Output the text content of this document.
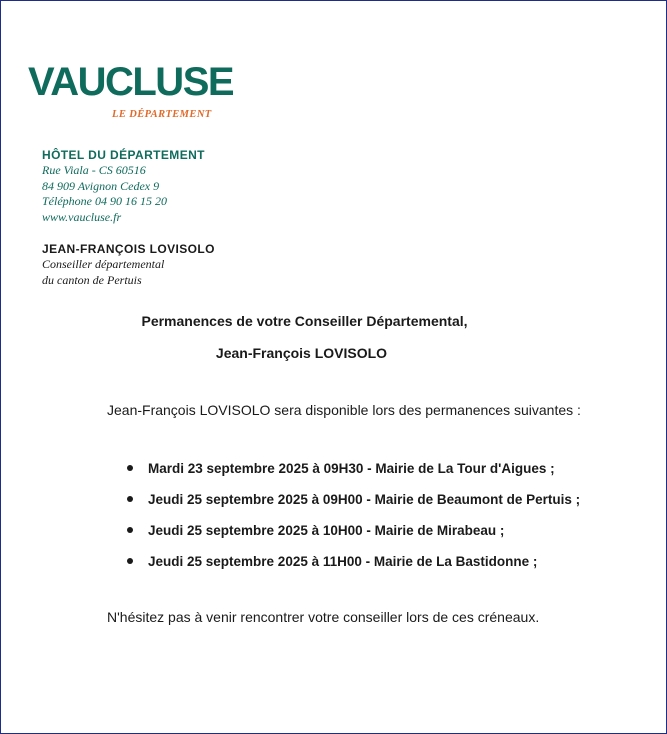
VAUCLUSE
LE DÉPARTEMENT
HÔTEL DU DÉPARTEMENT
Rue Viala - CS 60516
84 909 Avignon Cedex 9
Téléphone 04 90 16 15 20
www.vaucluse.fr
JEAN-FRANÇOIS LOVISOLO
Conseiller départemental
du canton de Pertuis
Permanences de votre Conseiller Départemental,
Jean-François LOVISOLO
Jean-François LOVISOLO sera disponible lors des permanences suivantes :
Mardi 23 septembre 2025 à 09H30 - Mairie de La Tour d'Aigues ;
Jeudi 25 septembre 2025 à 09H00 - Mairie de Beaumont de Pertuis ;
Jeudi 25 septembre 2025 à 10H00 - Mairie de Mirabeau ;
Jeudi 25 septembre 2025 à 11H00 - Mairie de La Bastidonne ;
N'hésitez pas à venir rencontrer votre conseiller lors de ces créneaux.
